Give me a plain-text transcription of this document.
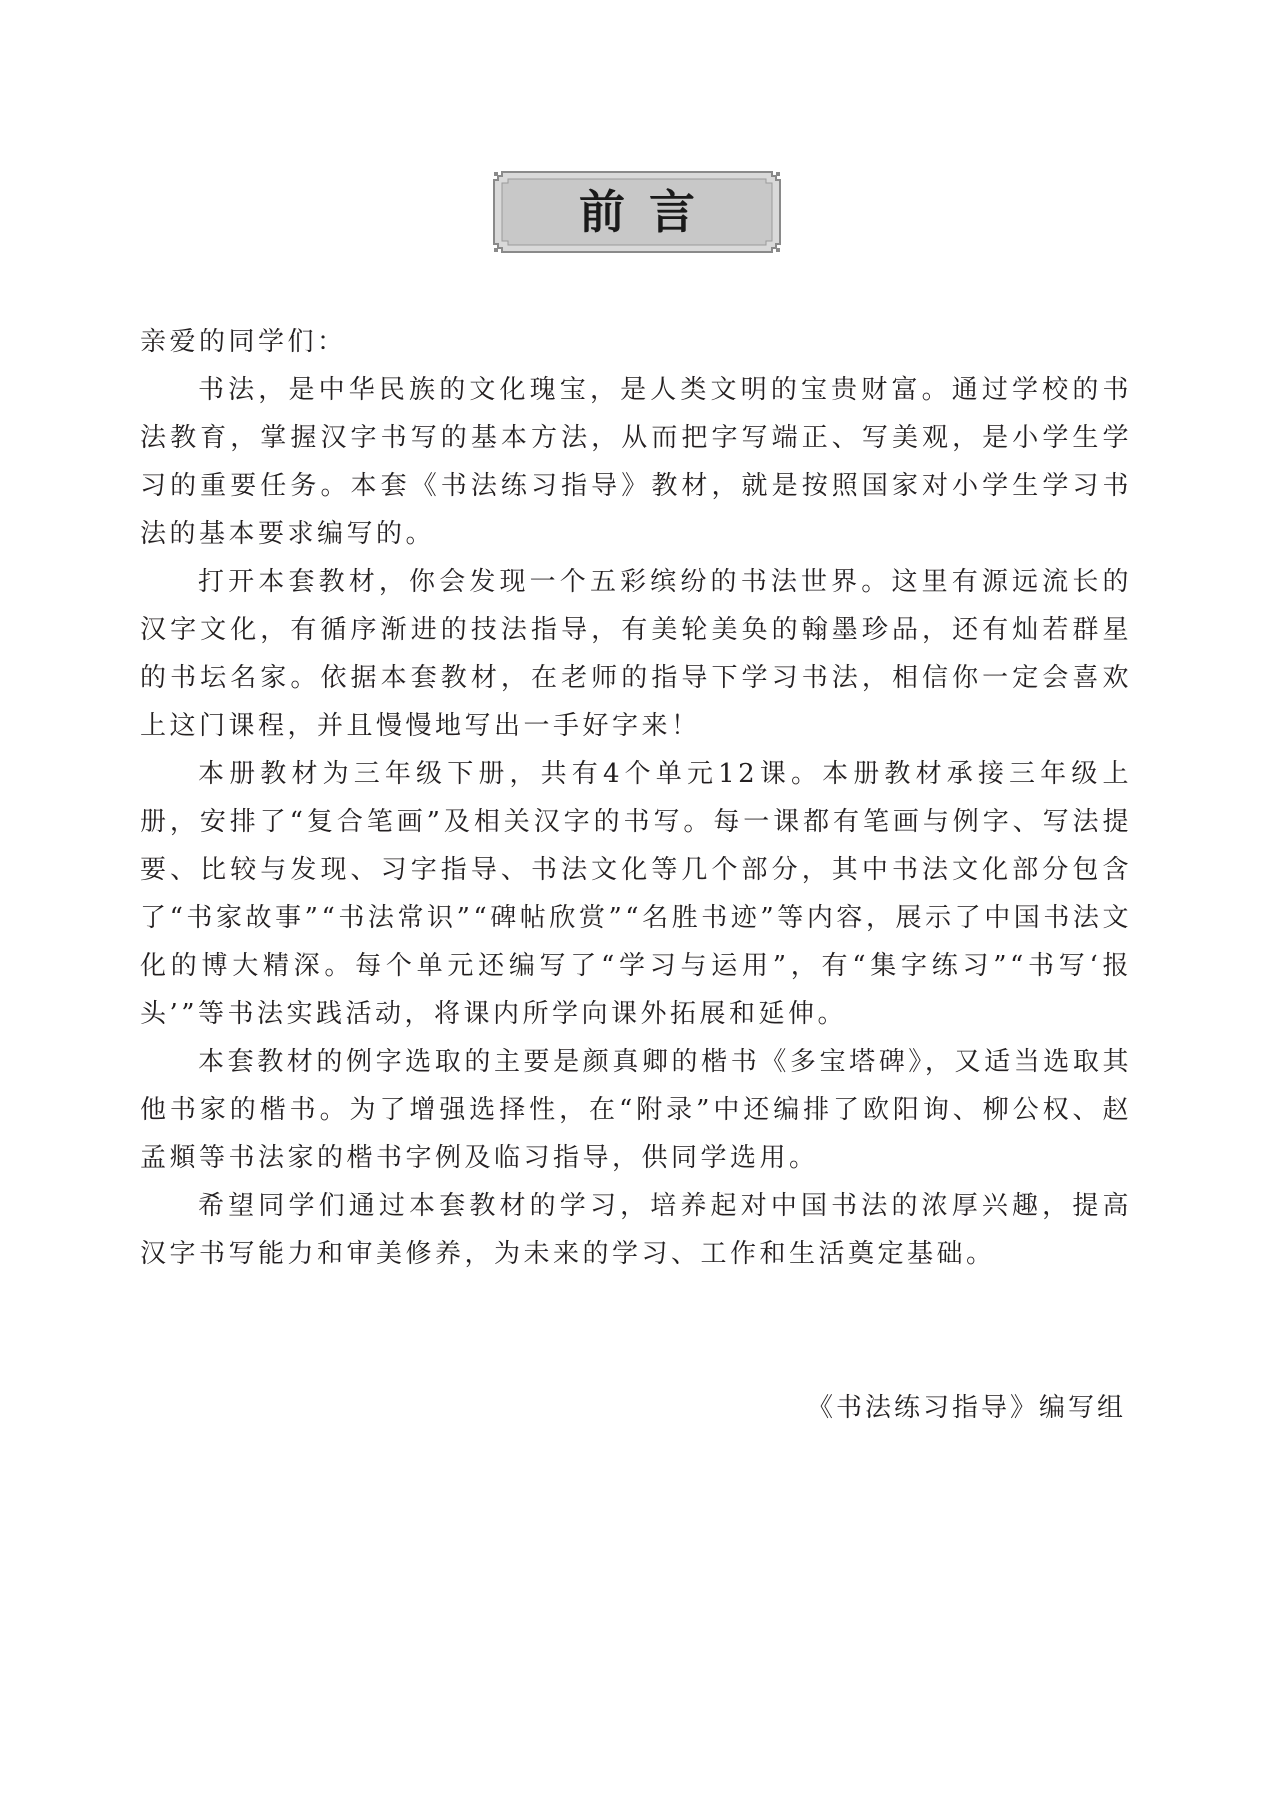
前言

亲爱的同学们：

书法，是中华民族的文化瑰宝，是人类文明的宝贵财富。通过学校的书法教育，掌握汉字书写的基本方法，从而把字写端正、写美观，是小学生学习的重要任务。本套《书法练习指导》教材，就是按照国家对小学生学习书法的基本要求编写的。

打开本套教材，你会发现一个五彩缤纷的书法世界。这里有源远流长的汉字文化，有循序渐进的技法指导，有美轮美奂的翰墨珍品，还有灿若群星的书坛名家。依据本套教材，在老师的指导下学习书法，相信你一定会喜欢上这门课程，并且慢慢地写出一手好字来！

本册教材为三年级下册，共有4个单元12课。本册教材承接三年级上册，安排了“复合笔画”及相关汉字的书写。每一课都有笔画与例字、写法提要、比较与发现、习字指导、书法文化等几个部分，其中书法文化部分包含了“书家故事”“书法常识”“碑帖欣赏”“名胜书迹”等内容，展示了中国书法文化的博大精深。每个单元还编写了“学习与运用”，有“集字练习”“书写‘报头’”等书法实践活动，将课内所学向课外拓展和延伸。

本套教材的例字选取的主要是颜真卿的楷书《多宝塔碑》，又适当选取其他书家的楷书。为了增强选择性，在“附录”中还编排了欧阳询、柳公权、赵孟頫等书法家的楷书字例及临习指导，供同学选用。

希望同学们通过本套教材的学习，培养起对中国书法的浓厚兴趣，提高汉字书写能力和审美修养，为未来的学习、工作和生活奠定基础。

《书法练习指导》编写组
